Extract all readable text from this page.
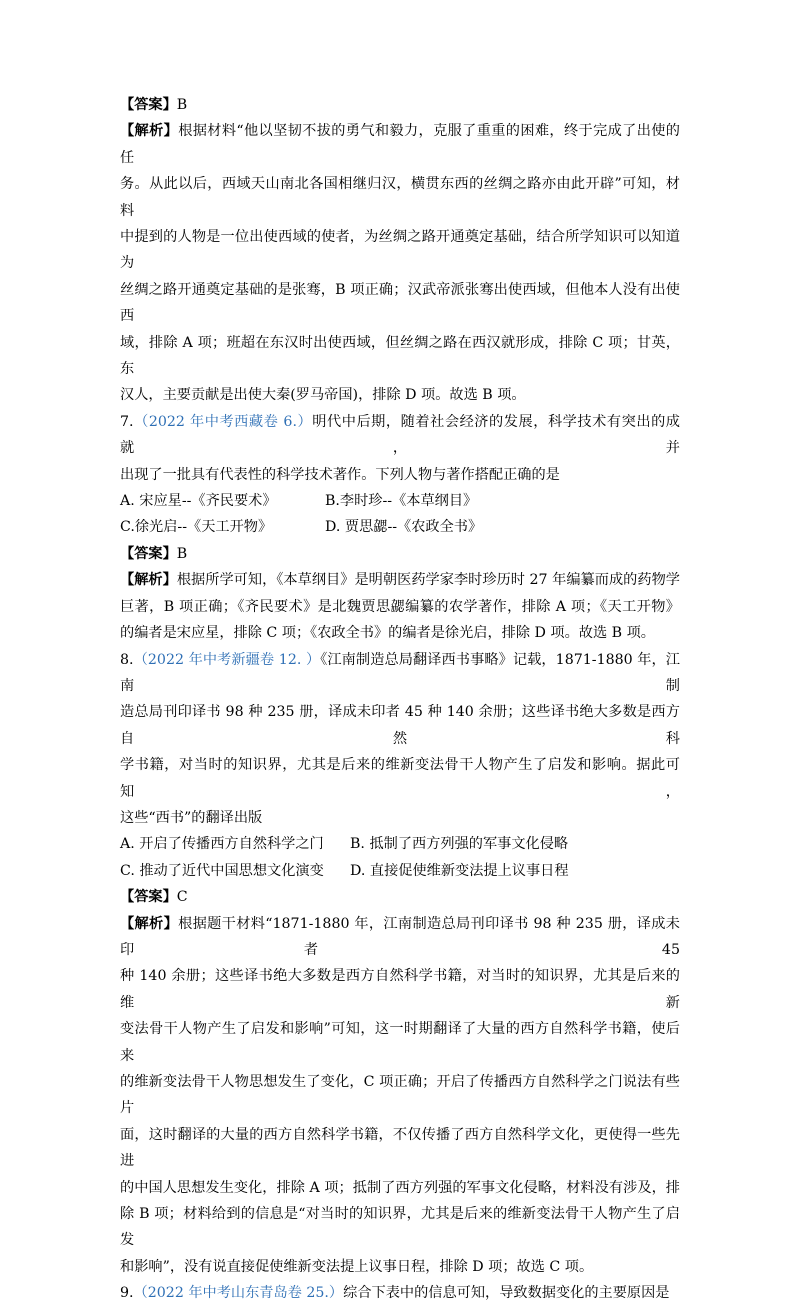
【答案】B
【解析】根据材料“他以坚韧不拔的勇气和毅力，克服了重重的困难，终于完成了出使的任
务。从此以后，西域天山南北各国相继归汉，横贯东西的丝绸之路亦由此开辟”可知，材料
中提到的人物是一位出使西域的使者，为丝绸之路开通奠定基础，结合所学知识可以知道为
丝绸之路开通奠定基础的是张骞，B 项正确；汉武帝派张骞出使西域，但他本人没有出使西
域，排除 A 项；班超在东汉时出使西域，但丝绸之路在西汉就形成，排除 C 项；甘英，东
汉人，主要贡献是出使大秦(罗马帝国)，排除 D 项。故选 B 项。
7.（2022 年中考西藏卷 6.）明代中后期，随着社会经济的发展，科学技术有突出的成就，并
出现了一批具有代表性的科学技术著作。下列人物与著作搭配正确的是
A. 宋应星--《齐民要术》	B.李时珍--《本草纲目》
C.徐光启--《天工开物》	D. 贾思勰--《农政全书》
【答案】B
【解析】根据所学可知，《本草纲目》是明朝医药学家李时珍历时 27 年编纂而成的药物学
巨著，B 项正确；《齐民要术》是北魏贾思勰编纂的农学著作，排除 A 项；《天工开物》
的编者是宋应星，排除 C 项；《农政全书》的编者是徐光启，排除 D 项。故选 B 项。
8.（2022 年中考新疆卷 12. ）《江南制造总局翻译西书事略》记载，1871-1880 年，江南制
造总局刊印译书 98 种 235 册，译成未印者 45 种 140 余册；这些译书绝大多数是西方自然科
学书籍，对当时的知识界，尤其是后来的维新变法骨干人物产生了启发和影响。据此可知，
这些“西书”的翻译出版
A. 开启了传播西方自然科学之门 B. 抵制了西方列强的军事文化侵略
C. 推动了近代中国思想文化演变 D. 直接促使维新变法提上议事日程
【答案】C
【解析】根据题干材料“1871-1880 年，江南制造总局刊印译书 98 种 235 册，译成未印者 45
种 140 余册；这些译书绝大多数是西方自然科学书籍，对当时的知识界，尤其是后来的维新
变法骨干人物产生了启发和影响”可知，这一时期翻译了大量的西方自然科学书籍，使后来
的维新变法骨干人物思想发生了变化，C 项正确；开启了传播西方自然科学之门说法有些片
面，这时翻译的大量的西方自然科学书籍，不仅传播了西方自然科学文化，更使得一些先进
的中国人思想发生变化，排除 A 项；抵制了西方列强的军事文化侵略，材料没有涉及，排
除 B 项；材料给到的信息是“对当时的知识界，尤其是后来的维新变法骨干人物产生了启发
和影响”，没有说直接促使维新变法提上议事日程，排除 D 项；故选 C 项。
9.（2022 年中考山东青岛卷 25.）综合下表中的信息可知，导致数据变化的主要原因是
